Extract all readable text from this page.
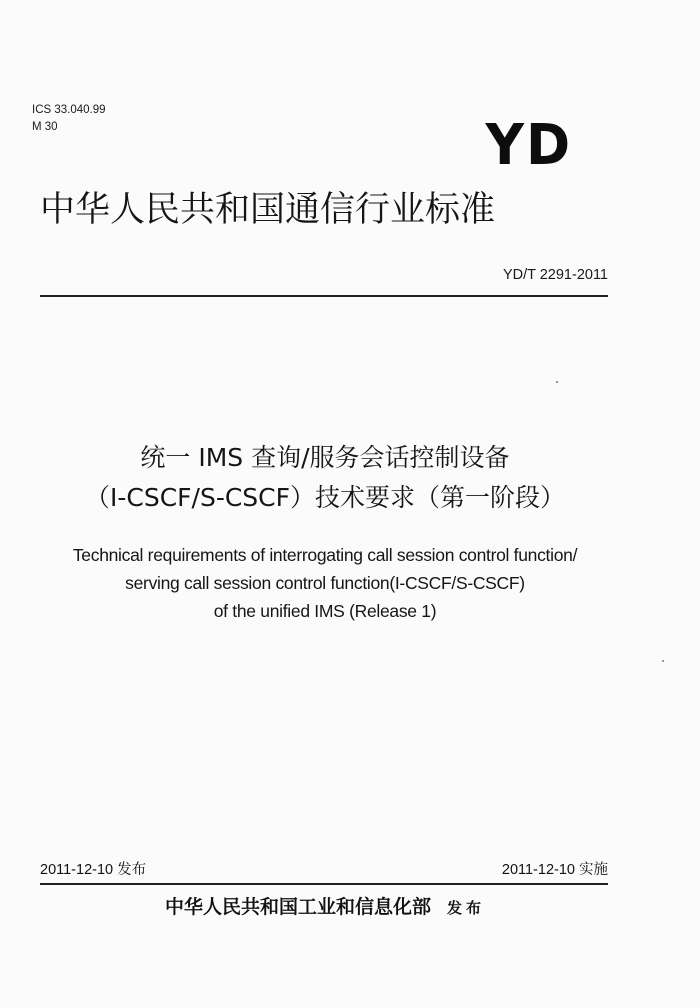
ICS 33.040.99
M 30	YD
中华人民共和国通信行业标准
YD/T 2291-2011
统一 IMS 查询/服务会话控制设备
（I-CSCF/S-CSCF）技术要求（第一阶段）
Technical requirements of interrogating call session control function/
serving call session control function(I-CSCF/S-CSCF)
of the unified IMS (Release 1)
2011-12-10 发布	2011-12-10 实施
中华人民共和国工业和信息化部 发布
